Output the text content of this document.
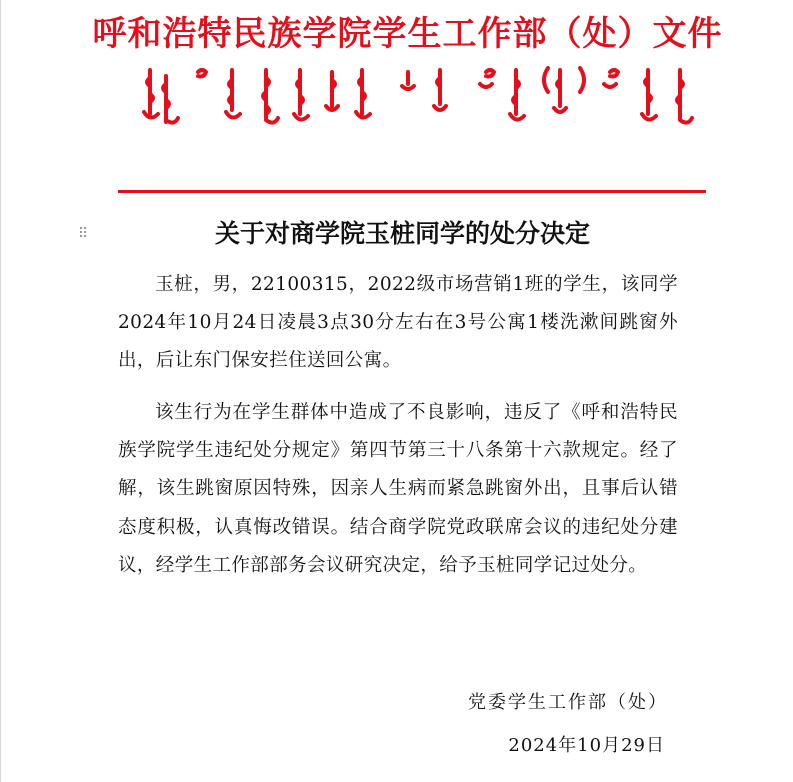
呼和浩特民族学院学生工作部（处）文件
⠿	关于对商学院玉桩同学的处分决定

玉桩，男，22100315，2022级市场营销1班的学生，该同学2024年10月24日凌晨3点30分左右在3号公寓1楼洗漱间跳窗外出，后让东门保安拦住送回公寓。

该生行为在学生群体中造成了不良影响，违反了《呼和浩特民族学院学生违纪处分规定》第四节第三十八条第十六款规定。经了解，该生跳窗原因特殊，因亲人生病而紧急跳窗外出，且事后认错态度积极，认真悔改错误。结合商学院党政联席会议的违纪处分建议，经学生工作部部务会议研究决定，给予玉桩同学记过处分。

党委学生工作部（处）
2024年10月29日
